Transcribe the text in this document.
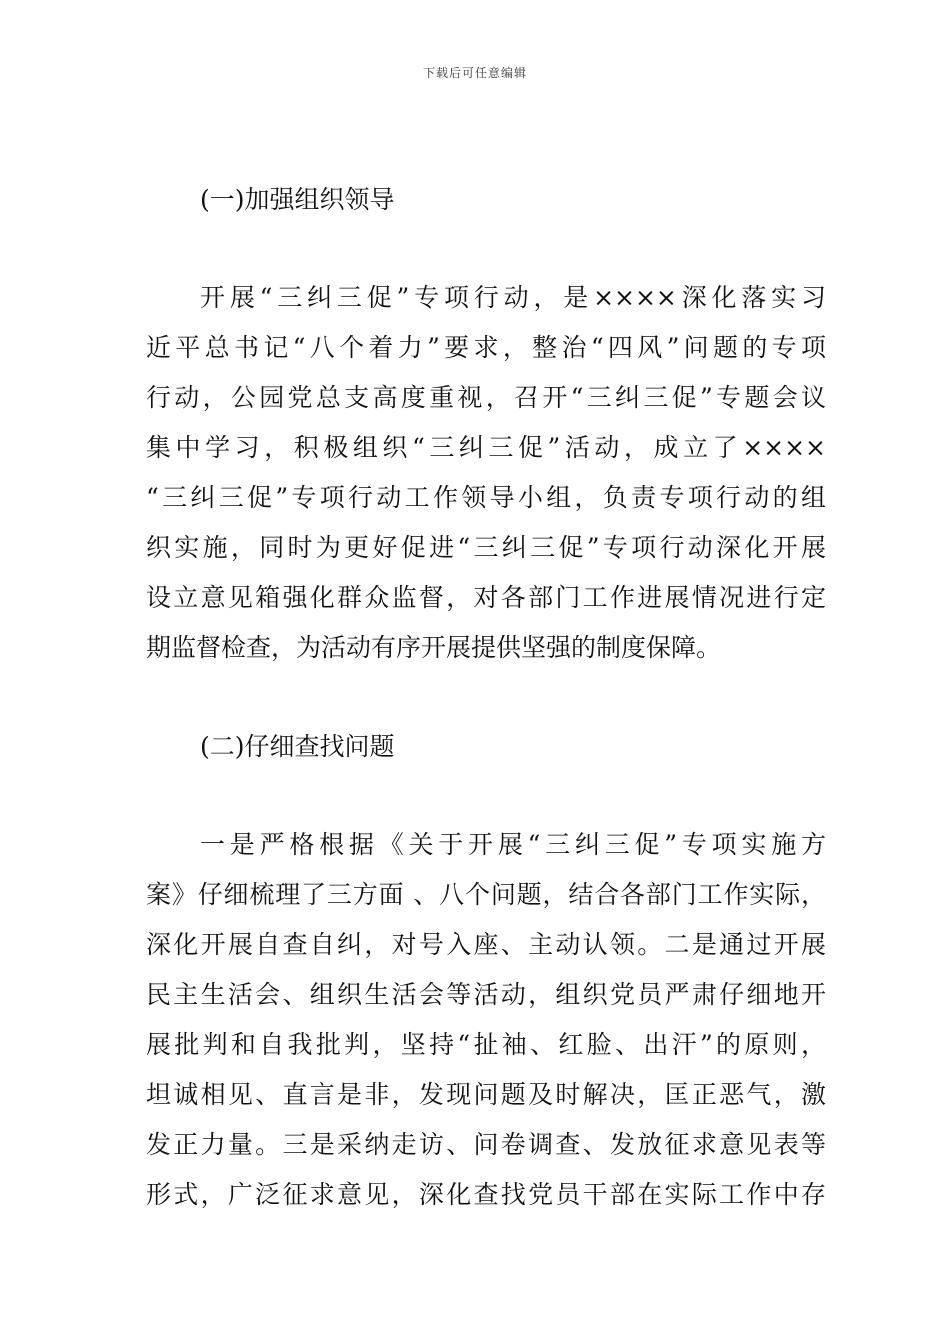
下载后可任意编辑
(一)加强组织领导
开展“三纠三促”专项行动，是××××深化落实习
近平总书记“八个着力”要求，整治“四风”问题的专项
行动，公园党总支高度重视，召开“三纠三促”专题会议
集中学习，积极组织“三纠三促”活动，成立了××××
“三纠三促”专项行动工作领导小组，负责专项行动的组
织实施，同时为更好促进“三纠三促”专项行动深化开展
设立意见箱强化群众监督，对各部门工作进展情况进行定
期监督检查，为活动有序开展提供坚强的制度保障。
(二)仔细查找问题
一是严格根据《关于开展“三纠三促”专项实施方
案》仔细梳理了三方面 、八个问题，结合各部门工作实际，
深化开展自查自纠，对号入座、主动认领。二是通过开展
民主生活会、组织生活会等活动，组织党员严肃仔细地开
展批判和自我批判，坚持“扯袖、红脸、出汗”的原则，
坦诚相见、直言是非，发现问题及时解决，匡正恶气，激
发正力量。三是采纳走访、问卷调查、发放征求意见表等
形式，广泛征求意见，深化查找党员干部在实际工作中存
